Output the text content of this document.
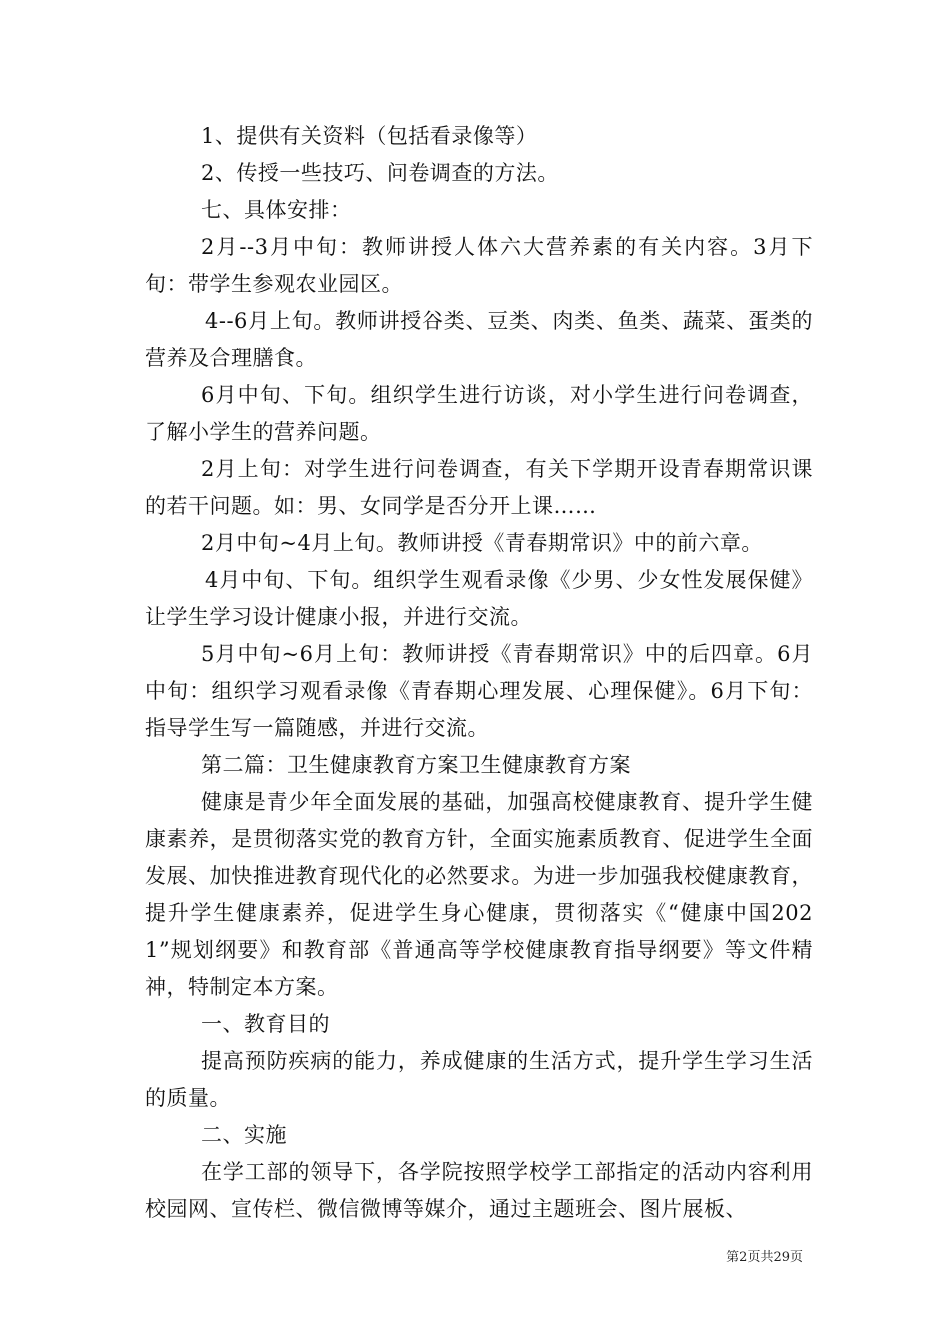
1、提供有关资料（包括看录像等）

2、传授一些技巧、问卷调查的方法。

七、具体安排：

2月--3月中旬：教师讲授人体六大营养素的有关内容。3月下旬：带学生参观农业园区。

4--6月上旬。教师讲授谷类、豆类、肉类、鱼类、蔬菜、蛋类的营养及合理膳食。

6月中旬、下旬。组织学生进行访谈，对小学生进行问卷调查，了解小学生的营养问题。

2月上旬：对学生进行问卷调查，有关下学期开设青春期常识课的若干问题。如：男、女同学是否分开上课……

2月中旬~4月上旬。教师讲授《青春期常识》中的前六章。

4月中旬、下旬。组织学生观看录像《少男、少女性发展保健》让学生学习设计健康小报，并进行交流。

5月中旬~6月上旬：教师讲授《青春期常识》中的后四章。6月中旬：组织学习观看录像《青春期心理发展、心理保健》。6月下旬：指导学生写一篇随感，并进行交流。

第二篇：卫生健康教育方案卫生健康教育方案

健康是青少年全面发展的基础，加强高校健康教育、提升学生健康素养，是贯彻落实党的教育方针，全面实施素质教育、促进学生全面发展、加快推进教育现代化的必然要求。为进一步加强我校健康教育，提升学生健康素养，促进学生身心健康，贯彻落实《“健康中国2021”规划纲要》和教育部《普通高等学校健康教育指导纲要》等文件精神，特制定本方案。

一、教育目的

提高预防疾病的能力，养成健康的生活方式，提升学生学习生活的质量。

二、实施

在学工部的领导下，各学院按照学校学工部指定的活动内容利用校园网、宣传栏、微信微博等媒介，通过主题班会、图片展板、

第2页共29页
